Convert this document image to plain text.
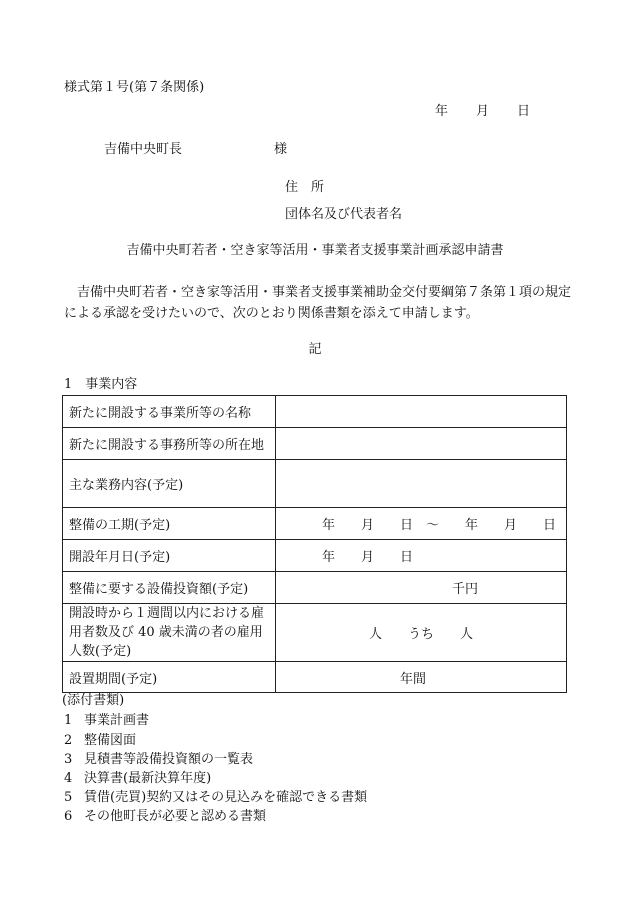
様式第１号(第７条関係)
年 月 日
吉備中央町長	様
住　所
団体名及び代表者名
吉備中央町若者・空き家等活用・事業者支援事業計画承認申請書
吉備中央町若者・空き家等活用・事業者支援事業補助金交付要綱第７条第１項の規定による承認を受けたいので、次のとおり関係書類を添えて申請します。
記
1　事業内容
新たに開設する事業所等の名称	
新たに開設する事務所等の所在地	
主な業務内容(予定)	
整備の工期(予定)	年　　月　　日　～　　年　　月　　日
開設年月日(予定)	年　　月　　日
整備に要する設備投資額(予定)	千円
開設時から１週間以内における雇用者数及び 40 歳未満の者の雇用人数(予定)	人　　うち　　人
設置期間(予定)	年間
(添付書類)
1 事業計画書
2 整備図面
3 見積書等設備投資額の一覧表
4 決算書(最新決算年度)
5 賃借(売買)契約又はその見込みを確認できる書類
6 その他町長が必要と認める書類
